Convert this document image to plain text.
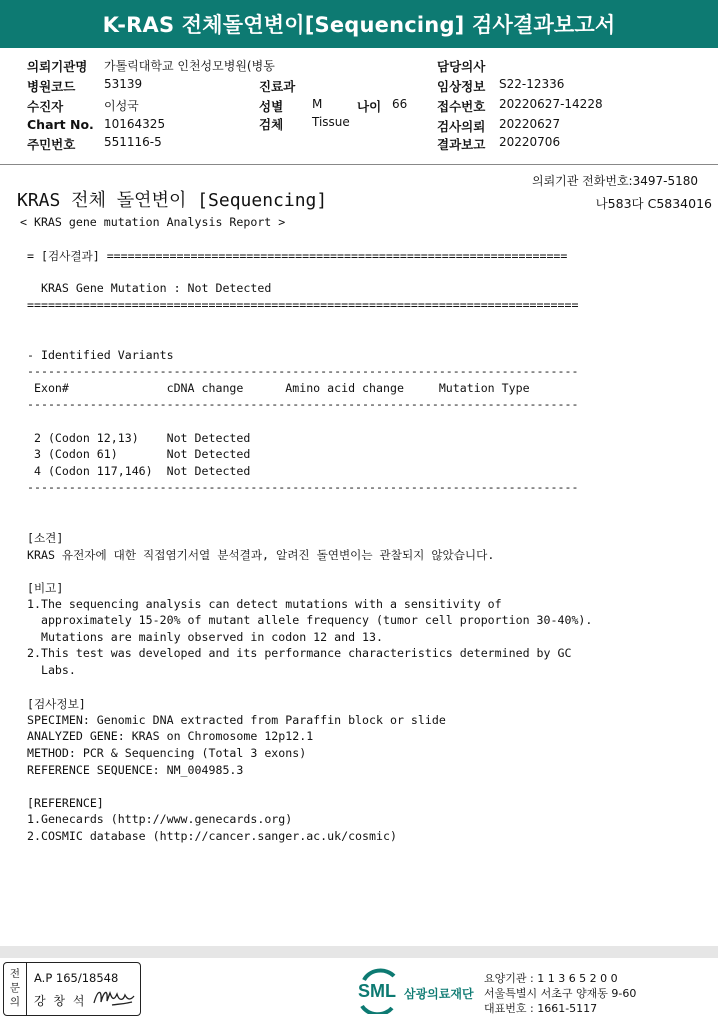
K-RAS 전체돌연변이[Sequencing] 검사결과보고서
의뢰기관명 가톨릭대학교 인천성모병원(병동
병원코드 53139
수진자	이성국
Chart No. 10164325
주민번호 551116-5
진료과
성별 M	나이 66
검체 Tissue
담당의사
임상정보 S22-12336
접수번호 20220627-14228
검사의뢰 20220627
결과보고 20220706
의뢰기관 전화번호:3497-5180
나583다 C5834016
KRAS 전체 돌연변이 [Sequencing]
< KRAS gene mutation Analysis Report >
= [검사결과] ==================================================================
KRAS Gene Mutation : Not Detected
===============================================================================
- Identified Variants
-------------------------------------------------------------------------------
Exon#              cDNA change      Amino acid change     Mutation Type
-------------------------------------------------------------------------------
2 (Codon 12,13)    Not Detected
3 (Codon 61)       Not Detected
4 (Codon 117,146)  Not Detected
-------------------------------------------------------------------------------
[소견]
KRAS 유전자에 대한 직접염기서열 분석결과, 알려진 돌연변이는 관찰되지 않았습니다.
[비고]
1.The sequencing analysis can detect mutations with a sensitivity of
approximately 15-20% of mutant allele frequency (tumor cell proportion 30-40%).
Mutations are mainly observed in codon 12 and 13.
2.This test was developed and its performance characteristics determined by GC
Labs.
[검사정보]
SPECIMEN: Genomic DNA extracted from Paraffin block or slide
ANALYZED GENE: KRAS on Chromosome 12p12.1
METHOD: PCR & Sequencing (Total 3 exons)
REFERENCE SEQUENCE: NM_004985.3
[REFERENCE]
1.Genecards (http://www.genecards.org)
2.COSMIC database (http://cancer.sanger.ac.uk/cosmic)
전문의
A.P 165/18548
강 창 석	SML 삼광의료재단
요양기관 : 1 1 3 6 5 2 0 0
서울특별시 서초구 양재동 9-60
대표번호 : 1661-5117
